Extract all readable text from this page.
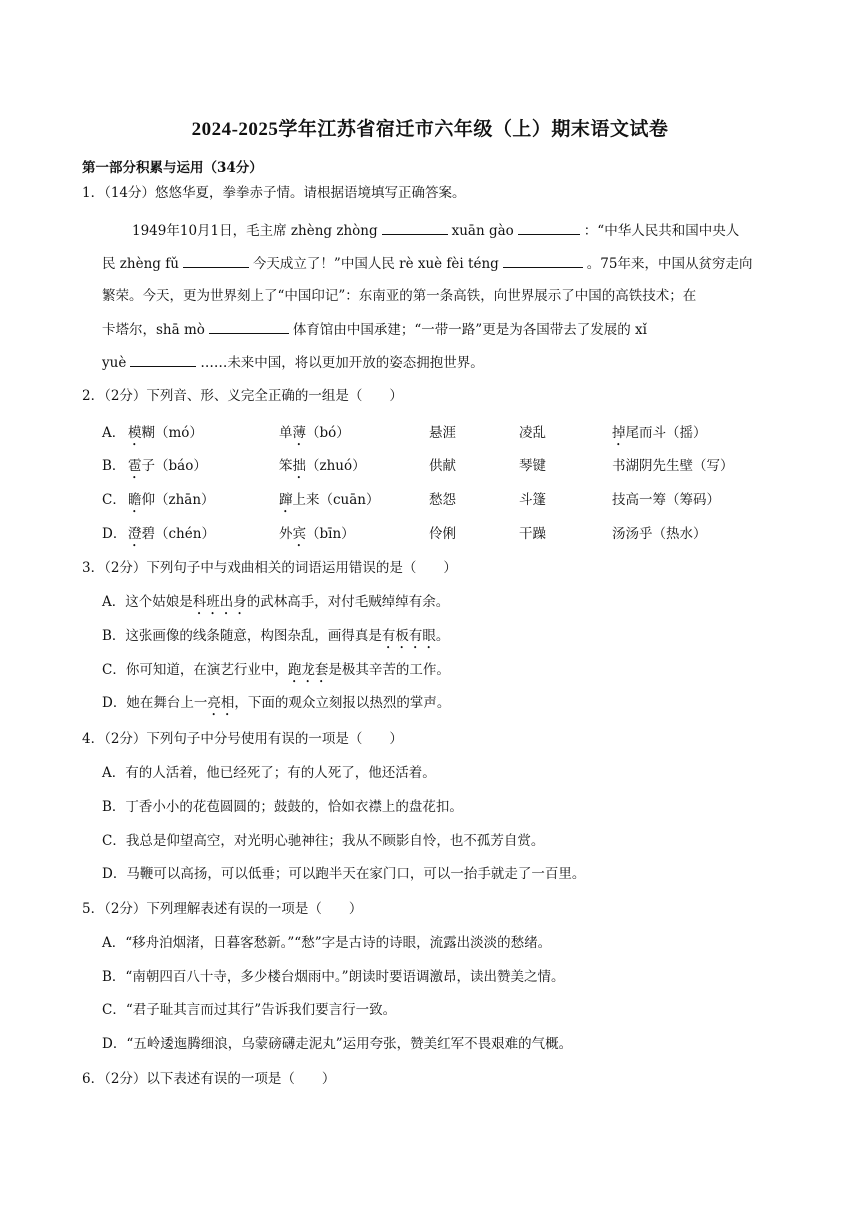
2024-2025学年江苏省宿迁市六年级（上）期末语文试卷
第一部分积累与运用（34分）
1．（14分）悠悠华夏，拳拳赤子情。请根据语境填写正确答案。
1949年10月1日，毛主席 zhèng zhòng	xuān gào	：“中华人民共和国中央人
民 zhèng fǔ	今天成立了！”中国人民 rè xuè fèi téng	。75年来，中国从贫穷走向
繁荣。今天，更为世界刻上了“中国印记”：东南亚的第一条高铁，向世界展示了中国的高铁技术；在
卡塔尔，shā mò	体育馆由中国承建；“一带一路”更是为各国带去了发展的 xǐ
yuè	……未来中国，将以更加开放的姿态拥抱世界。
2．（2分）下列音、形、义完全正确的一组是（　　）
A． 模糊（mó）	单薄（bó）	悬涯	凌乱	掉尾而斗（摇）
B． 雹子（báo）	笨拙（zhuó）	供献	琴键	书湖阴先生壁（写）
C． 瞻仰（zhān）	蹿上来（cuān）	愁怨	斗篷	技高一筹（筹码）
D． 澄碧（chén）	外宾（bīn）	伶俐	干躁	汤汤乎（热水）
3．（2分）下列句子中与戏曲相关的词语运用错误的是（　　）
A．这个姑娘是科班出身的武林高手，对付毛贼绰绰有余。
B．这张画像的线条随意，构图杂乱，画得真是有板有眼。
C．你可知道，在演艺行业中，跑龙套是极其辛苦的工作。
D．她在舞台上一亮相，下面的观众立刻报以热烈的掌声。
4．（2分）下列句子中分号使用有误的一项是（　　）
A．有的人活着，他已经死了；有的人死了，他还活着。
B．丁香小小的花苞圆圆的；鼓鼓的，恰如衣襟上的盘花扣。
C．我总是仰望高空，对光明心驰神往；我从不顾影自怜，也不孤芳自赏。
D．马鞭可以高扬，可以低垂；可以跑半天在家门口，可以一抬手就走了一百里。
5．（2分）下列理解表述有误的一项是（　　）
A．“移舟泊烟渚，日暮客愁新。”“愁”字是古诗的诗眼，流露出淡淡的愁绪。
B．“南朝四百八十寺，多少楼台烟雨中。”朗读时要语调激昂，读出赞美之情。
C．“君子耻其言而过其行”告诉我们要言行一致。
D．“五岭逶迤腾细浪，乌蒙磅礴走泥丸”运用夸张，赞美红军不畏艰难的气概。
6．（2分）以下表述有误的一项是（　　）
